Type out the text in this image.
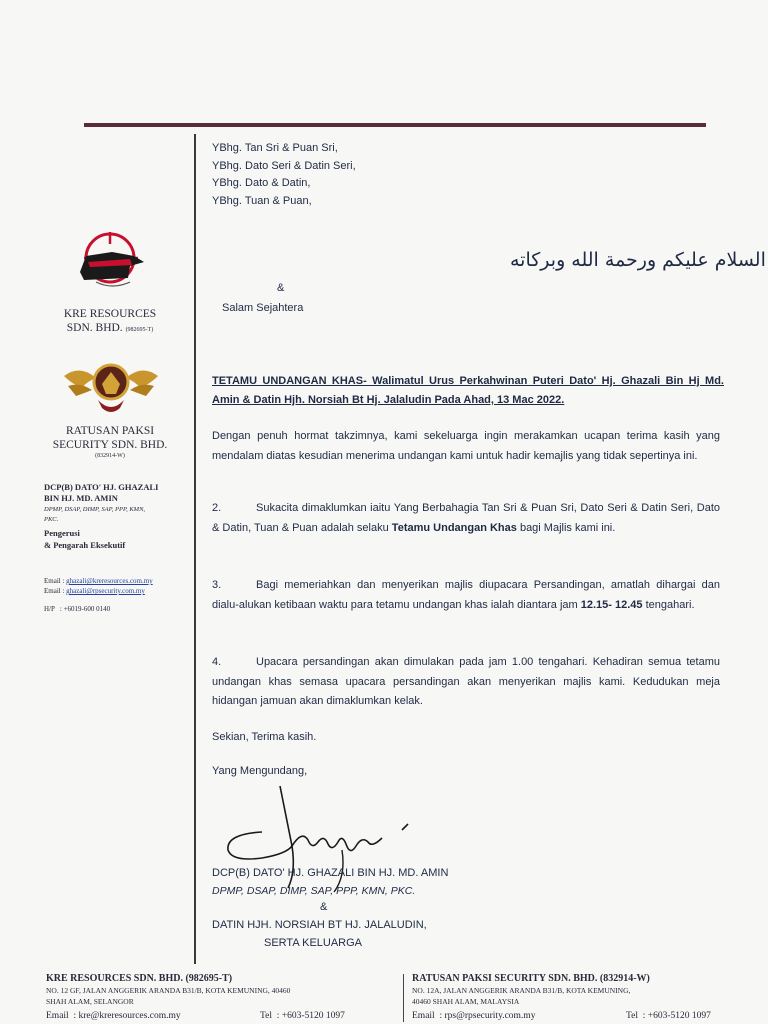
KRE RESOURCES
SDN. BHD. (982695-T)
RATUSAN PAKSI
SECURITY SDN. BHD.
(832914-W)
DCP(B) DATO' HJ. GHAZALI
BIN HJ. MD. AMIN
DPMP, DSAP, DIMP, SAP, PPP, KMN,
PKC.
Pengerusi
& Pengarah Eksekutif
Email : ghazali@kreresources.com.my
Email : ghazali@rpsecurity.com.my
H/P   : +6019-600 0140
YBhg. Tan Sri & Puan Sri,
YBhg. Dato Seri & Datin Seri,
YBhg. Dato & Datin,
YBhg. Tuan & Puan,
السلام عليكم ورحمة الله وبركاته
&
Salam Sejahtera
TETAMU UNDANGAN KHAS- Walimatul Urus Perkahwinan Puteri Dato' Hj. Ghazali Bin Hj Md. Amin & Datin Hjh. Norsiah Bt Hj. Jalaludin Pada Ahad, 13 Mac 2022.
Dengan penuh hormat takzimnya, kami sekeluarga ingin merakamkan ucapan terima kasih yang mendalam diatas kesudian menerima undangan kami untuk hadir kemajlis yang tidak sepertinya ini.
2.	Sukacita dimaklumkan iaitu Yang Berbahagia Tan Sri & Puan Sri, Dato Seri & Datin Seri, Dato & Datin, Tuan & Puan adalah selaku Tetamu Undangan Khas bagi Majlis kami ini.
3.	Bagi memeriahkan dan menyerikan majlis diupacara Persandingan, amatlah dihargai dan dialu-alukan ketibaan waktu para tetamu undangan khas ialah diantara jam 12.15- 12.45 tengahari.
4.	Upacara persandingan akan dimulakan pada jam 1.00 tengahari. Kehadiran semua tetamu undangan khas semasa upacara persandingan akan menyerikan majlis kami. Kedudukan meja hidangan jamuan akan dimaklumkan kelak.
Sekian, Terima kasih.
Yang Mengundang,
DCP(B) DATO' HJ. GHAZALI BIN HJ. MD. AMIN
DPMP, DSAP, DIMP, SAP, PPP, KMN, PKC.
&
DATIN HJH. NORSIAH BT HJ. JALALUDIN,
SERTA KELUARGA
KRE RESOURCES SDN. BHD. (982695-T)
NO. 12 GF, JALAN ANGGERIK ARANDA B31/B, KOTA KEMUNING, 40460
SHAH ALAM, SELANGOR
Email  : kre@kreresources.com.my	Tel  : +603-5120 1097
RATUSAN PAKSI SECURITY SDN. BHD. (832914-W)
NO. 12A, JALAN ANGGERIK ARANDA B31/B, KOTA KEMUNING,
40460 SHAH ALAM, MALAYSIA
Email  : rps@rpsecurity.com.my	Tel  : +603-5120 1097
